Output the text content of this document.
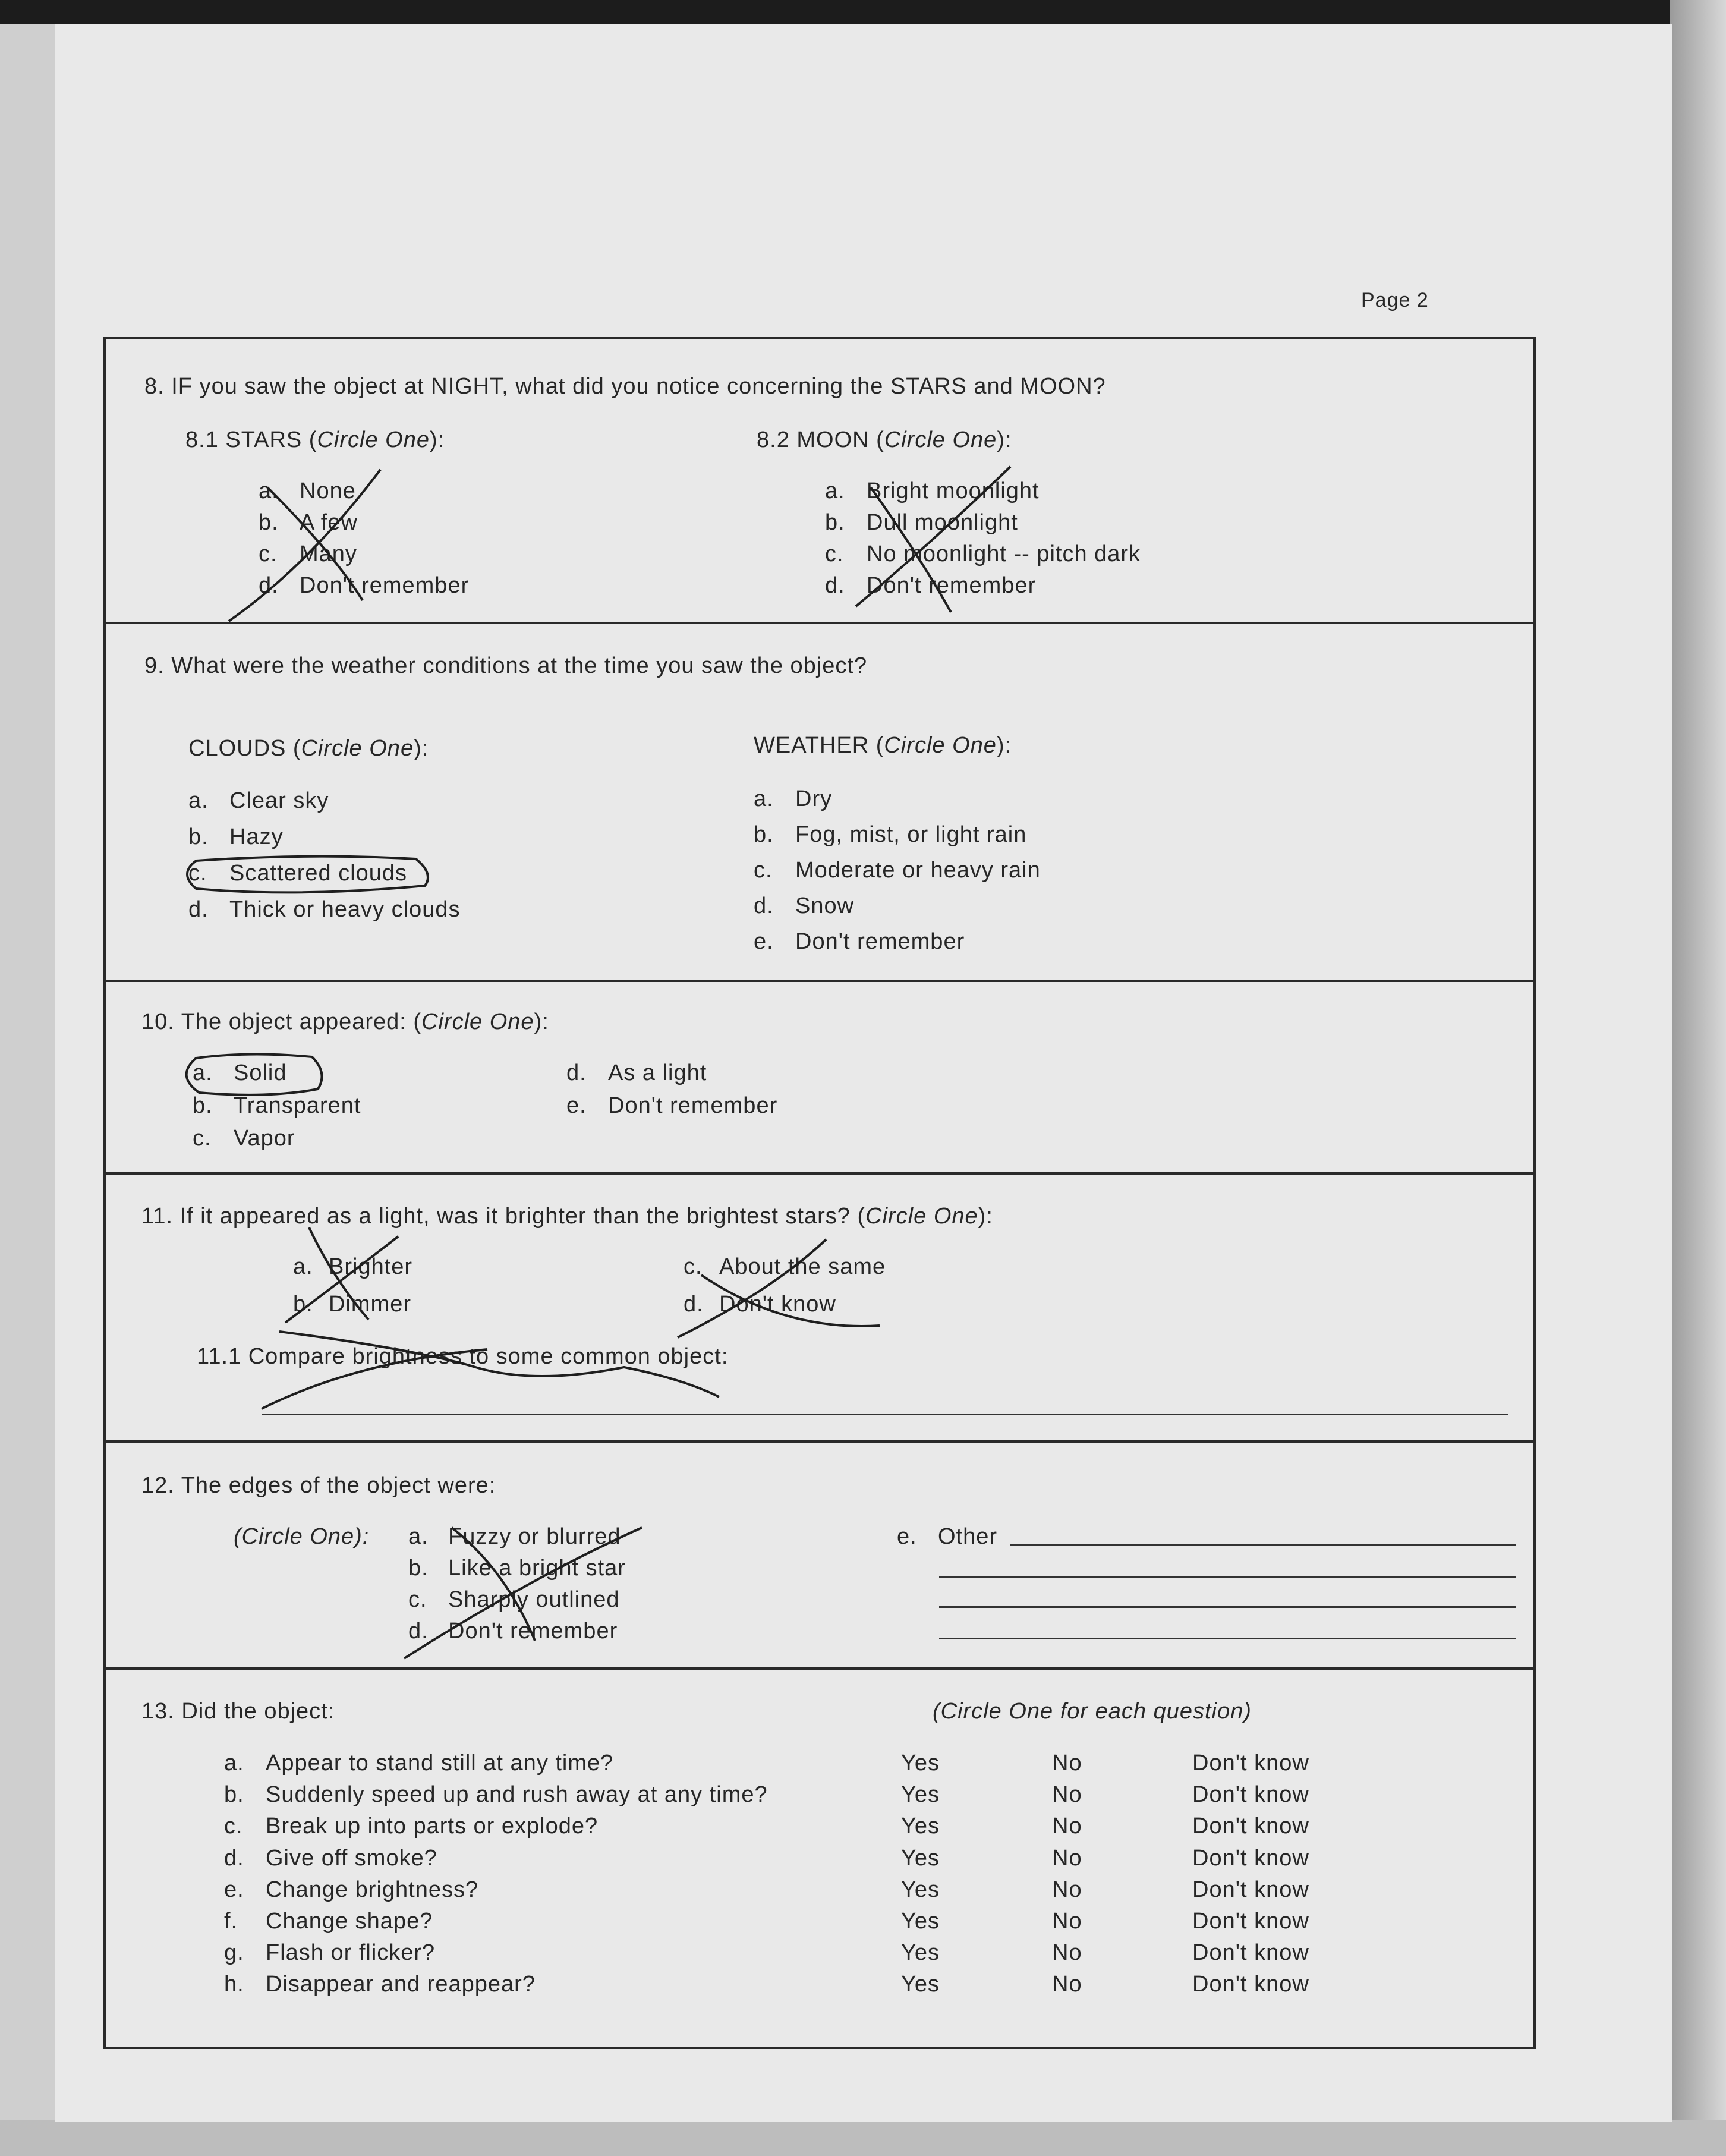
Page 2
8. IF you saw the object at NIGHT, what did you notice concerning the STARS and MOON?
8.1 STARS (Circle One):	8.2 MOON (Circle One):
a. None
b. A few
c. Many
d. Don't remember
a. Bright moonlight
b. Dull moonlight
c. No moonlight -- pitch dark
d. Don't remember
9. What were the weather conditions at the time you saw the object?
CLOUDS (Circle One):	WEATHER (Circle One):
a. Clear sky
b. Hazy
c. Scattered clouds
d. Thick or heavy clouds
a. Dry
b. Fog, mist, or light rain
c. Moderate or heavy rain
d. Snow
e. Don't remember
10. The object appeared: (Circle One):
a. Solid
b. Transparent
c. Vapor
d. As a light
e. Don't remember
11. If it appeared as a light, was it brighter than the brightest stars? (Circle One):
a. Brighter
b. Dimmer
c. About the same
d. Don't know
11.1 Compare brightness to some common object:
12. The edges of the object were:
(Circle One): a. Fuzzy or blurred
b. Like a bright star
c. Sharply outlined
d. Don't remember
e. Other
13. Did the object:	(Circle One for each question)
a. Appear to stand still at any time?	Yes	No	Don't know
b. Suddenly speed up and rush away at any time?	Yes	No	Don't know
c. Break up into parts or explode?	Yes	No	Don't know
d. Give off smoke?	Yes	No	Don't know
e. Change brightness?	Yes	No	Don't know
f. Change shape?	Yes	No	Don't know
g. Flash or flicker?	Yes	No	Don't know
h. Disappear and reappear?	Yes	No	Don't know
